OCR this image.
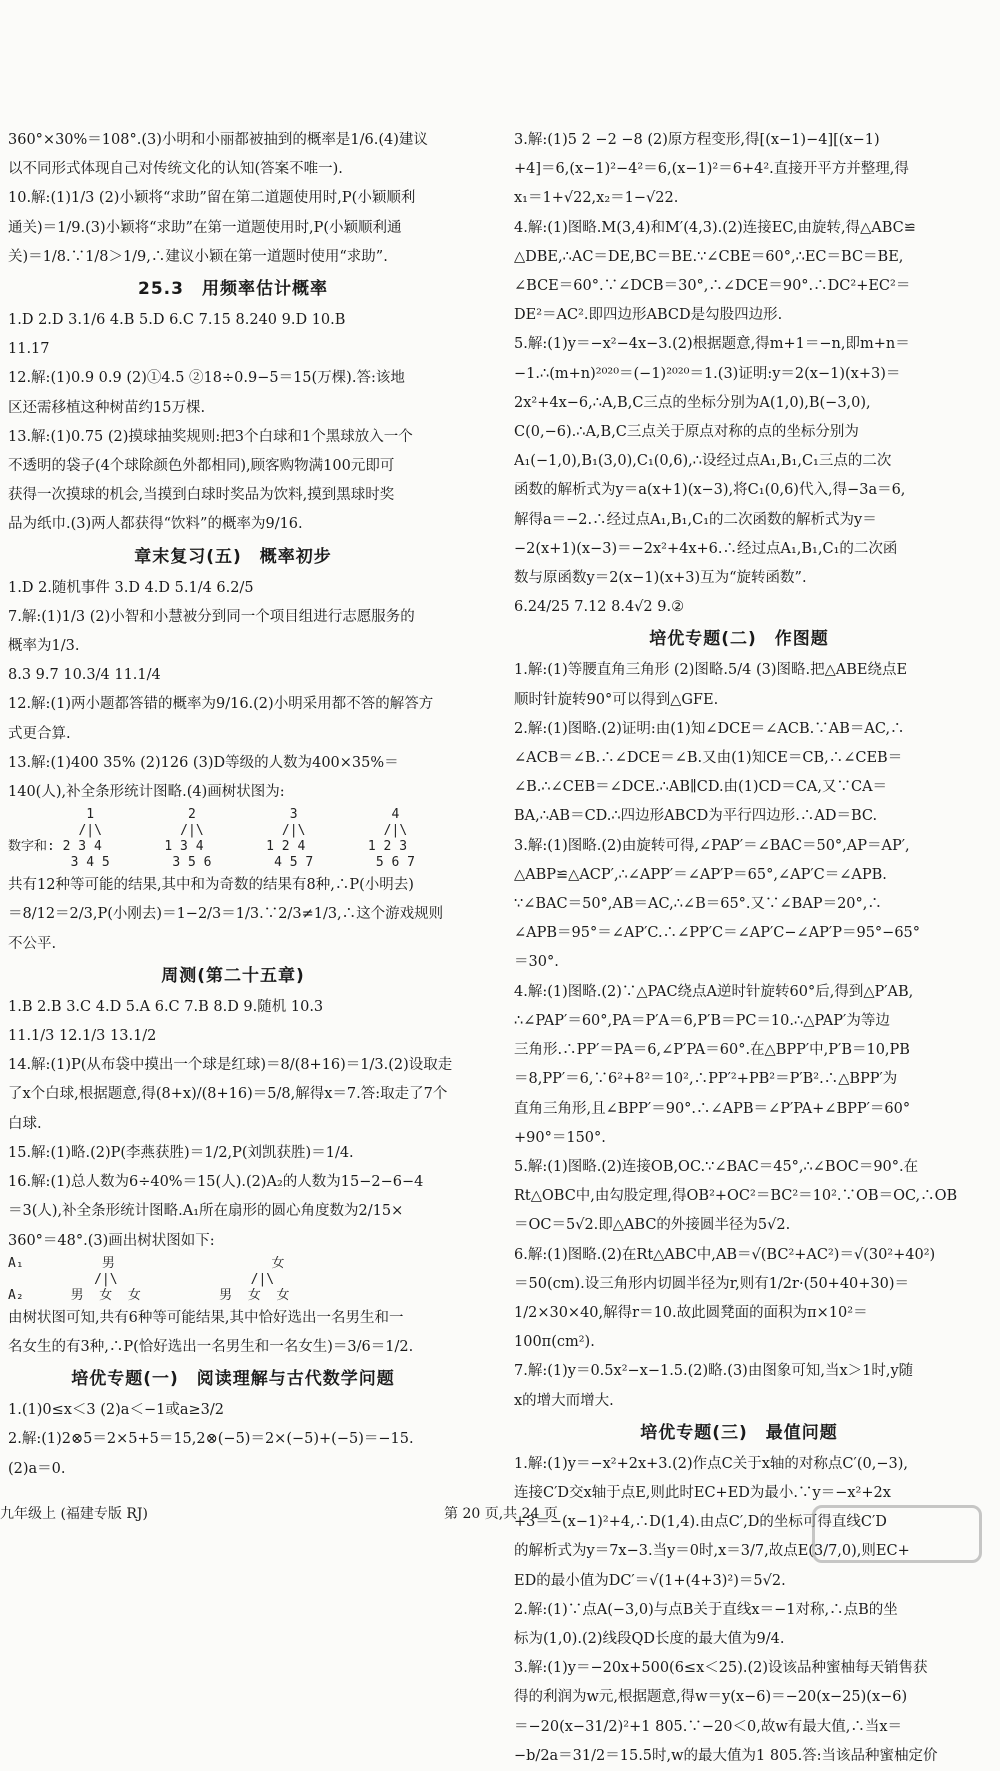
360°×30%＝108°.(3)小明和小丽都被抽到的概率是1/6.(4)建议
以不同形式体现自己对传统文化的认知(答案不唯一).
10.解:(1)1/3 (2)小颖将“求助”留在第二道题使用时,P(小颖顺利
通关)＝1/9.(3)小颖将“求助”在第一道题使用时,P(小颖顺利通
关)＝1/8.∵1/8＞1/9,∴建议小颖在第一道题时使用“求助”.
25.3　用频率估计概率
1.D 2.D 3.1/6 4.B 5.D 6.C 7.15 8.240 9.D 10.B
11.17
12.解:(1)0.9 0.9 (2)①4.5 ②18÷0.9−5＝15(万棵).答:该地
区还需移植这种树苗约15万棵.
13.解:(1)0.75 (2)摸球抽奖规则:把3个白球和1个黑球放入一个
不透明的袋子(4个球除颜色外都相同),顾客购物满100元即可
获得一次摸球的机会,当摸到白球时奖品为饮料,摸到黑球时奖
品为纸巾.(3)两人都获得“饮料”的概率为9/16.
章末复习(五)　概率初步
1.D 2.随机事件 3.D 4.D 5.1/4 6.2/5
7.解:(1)1/3 (2)小智和小慧被分到同一个项目组进行志愿服务的
概率为1/3.
8.3 9.7 10.3/4 11.1/4
12.解:(1)两小题都答错的概率为9/16.(2)小明采用都不答的解答方
式更合算.
13.解:(1)400 35% (2)126 (3)D等级的人数为400×35%＝
140(人),补全条形统计图略.(4)画树状图为:
1            2            3            4
/|\          /|\          /|\          /|\
数字和: 2 3 4        1 3 4        1 2 4        1 2 3
3 4 5        3 5 6        4 5 7        5 6 7
共有12种等可能的结果,其中和为奇数的结果有8种,∴P(小明去)
＝8/12＝2/3,P(小刚去)＝1−2/3＝1/3.∵2/3≠1/3,∴这个游戏规则
不公平.
周测(第二十五章)
1.B 2.B 3.C 4.D 5.A 6.C 7.B 8.D 9.随机 10.3
11.1/3 12.1/3 13.1/2
14.解:(1)P(从布袋中摸出一个球是红球)＝8/(8+16)＝1/3.(2)设取走
了x个白球,根据题意,得(8+x)/(8+16)＝5/8,解得x＝7.答:取走了7个
白球.
15.解:(1)略.(2)P(李燕获胜)＝1/2,P(刘凯获胜)＝1/4.
16.解:(1)总人数为6÷40%＝15(人).(2)A₂的人数为15−2−6−4
＝3(人),补全条形统计图略.A₁所在扇形的圆心角度数为2/15×
360°＝48°.(3)画出树状图如下:
A₁          男                    女
/|\                 /|\
A₂      男  女  女          男  女  女
由树状图可知,共有6种等可能结果,其中恰好选出一名男生和一
名女生的有3种,∴P(恰好选出一名男生和一名女生)＝3/6＝1/2.
培优专题(一)　阅读理解与古代数学问题
1.(1)0≤x＜3 (2)a＜−1或a≥3/2
2.解:(1)2⊗5＝2×5+5＝15,2⊗(−5)＝2×(−5)+(−5)＝−15.
(2)a＝0.
3.解:(1)5 2 −2 −8 (2)原方程变形,得[(x−1)−4][(x−1)
+4]＝6,(x−1)²−4²＝6,(x−1)²＝6+4².直接开平方并整理,得
x₁＝1+√22,x₂＝1−√22.
4.解:(1)图略.M(3,4)和M′(4,3).(2)连接EC,由旋转,得△ABC≌
△DBE,∴AC＝DE,BC＝BE.∵∠CBE＝60°,∴EC＝BC＝BE,
∠BCE＝60°.∵∠DCB＝30°,∴∠DCE＝90°.∴DC²+EC²＝
DE²＝AC².即四边形ABCD是勾股四边形.
5.解:(1)y＝−x²−4x−3.(2)根据题意,得m+1＝−n,即m+n＝
−1.∴(m+n)²⁰²⁰＝(−1)²⁰²⁰＝1.(3)证明:y＝2(x−1)(x+3)＝
2x²+4x−6,∴A,B,C三点的坐标分别为A(1,0),B(−3,0),
C(0,−6).∴A,B,C三点关于原点对称的点的坐标分别为
A₁(−1,0),B₁(3,0),C₁(0,6),∴设经过点A₁,B₁,C₁三点的二次
函数的解析式为y＝a(x+1)(x−3),将C₁(0,6)代入,得−3a＝6,
解得a＝−2.∴经过点A₁,B₁,C₁的二次函数的解析式为y＝
−2(x+1)(x−3)＝−2x²+4x+6.∴经过点A₁,B₁,C₁的二次函
数与原函数y＝2(x−1)(x+3)互为“旋转函数”.
6.24/25 7.12 8.4√2 9.②
培优专题(二)　作图题
1.解:(1)等腰直角三角形 (2)图略.5/4 (3)图略.把△ABE绕点E
顺时针旋转90°可以得到△GFE.
2.解:(1)图略.(2)证明:由(1)知∠DCE＝∠ACB.∵AB＝AC,∴
∠ACB＝∠B.∴∠DCE＝∠B.又由(1)知CE＝CB,∴∠CEB＝
∠B.∴∠CEB＝∠DCE.∴AB∥CD.由(1)CD＝CA,又∵CA＝
BA,∴AB＝CD.∴四边形ABCD为平行四边形.∴AD＝BC.
3.解:(1)图略.(2)由旋转可得,∠PAP′＝∠BAC＝50°,AP＝AP′,
△ABP≌△ACP′,∴∠APP′＝∠AP′P＝65°,∠AP′C＝∠APB.
∵∠BAC＝50°,AB＝AC,∴∠B＝65°.又∵∠BAP＝20°,∴
∠APB＝95°＝∠AP′C.∴∠PP′C＝∠AP′C−∠AP′P＝95°−65°
＝30°.
4.解:(1)图略.(2)∵△PAC绕点A逆时针旋转60°后,得到△P′AB,
∴∠PAP′＝60°,PA＝P′A＝6,P′B＝PC＝10.∴△PAP′为等边
三角形.∴PP′＝PA＝6,∠P′PA＝60°.在△BPP′中,P′B＝10,PB
＝8,PP′＝6,∵6²+8²＝10²,∴PP′²+PB²＝P′B².∴△BPP′为
直角三角形,且∠BPP′＝90°.∴∠APB＝∠P′PA+∠BPP′＝60°
+90°＝150°.
5.解:(1)图略.(2)连接OB,OC.∵∠BAC＝45°,∴∠BOC＝90°.在
Rt△OBC中,由勾股定理,得OB²+OC²＝BC²＝10².∵OB＝OC,∴OB
＝OC＝5√2.即△ABC的外接圆半径为5√2.
6.解:(1)图略.(2)在Rt△ABC中,AB＝√(BC²+AC²)＝√(30²+40²)
＝50(cm).设三角形内切圆半径为r,则有1/2r·(50+40+30)＝
1/2×30×40,解得r＝10.故此圆凳面的面积为π×10²＝
100π(cm²).
7.解:(1)y＝0.5x²−x−1.5.(2)略.(3)由图象可知,当x＞1时,y随
x的增大而增大.
培优专题(三)　最值问题
1.解:(1)y＝−x²+2x+3.(2)作点C关于x轴的对称点C′(0,−3),
连接C′D交x轴于点E,则此时EC+ED为最小.∵y＝−x²+2x
+3＝−(x−1)²+4,∴D(1,4).由点C′,D的坐标可得直线C′D
的解析式为y＝7x−3.当y＝0时,x＝3/7,故点E(3/7,0),则EC+
ED的最小值为DC′＝√(1+(4+3)²)＝5√2.
2.解:(1)∵点A(−3,0)与点B关于直线x＝−1对称,∴点B的坐
标为(1,0).(2)线段QD长度的最大值为9/4.
3.解:(1)y＝−20x+500(6≤x＜25).(2)设该品种蜜柚每天销售获
得的利润为w元,根据题意,得w＝y(x−6)＝−20(x−25)(x−6)
＝−20(x−31/2)²+1 805.∵−20＜0,故w有最大值,∴当x＝
−b/2a＝31/2＝15.5时,w的最大值为1 805.答:当该品种蜜柚定价
九年级上 (福建专版 RJ)	第 20 页,共 24 页
